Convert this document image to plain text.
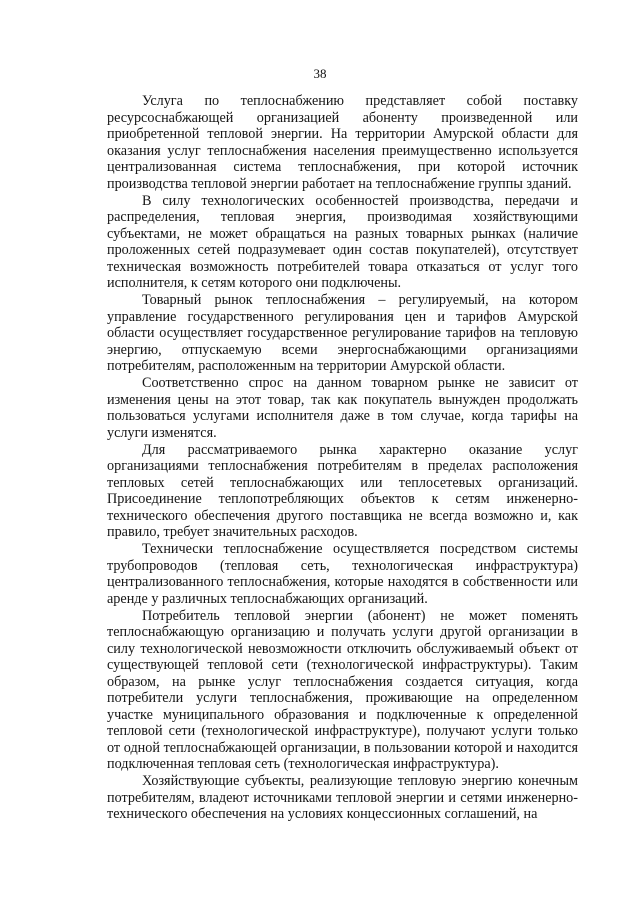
38

Услуга по теплоснабжению представляет собой поставку ресурсоснабжающей организацией абоненту произведенной или приобретенной тепловой энергии. На территории Амурской области для оказания услуг теплоснабжения населения преимущественно используется централизованная система теплоснабжения, при которой источник производства тепловой энергии работает на теплоснабжение группы зданий.

В силу технологических особенностей производства, передачи и распределения, тепловая энергия, производимая хозяйствующими субъектами, не может обращаться на разных товарных рынках (наличие проложенных сетей подразумевает один состав покупателей), отсутствует техническая возможность потребителей товара отказаться от услуг того исполнителя, к сетям которого они подключены.

Товарный рынок теплоснабжения – регулируемый, на котором управление государственного регулирования цен и тарифов Амурской области осуществляет государственное регулирование тарифов на тепловую энергию, отпускаемую всеми энергоснабжающими организациями потребителям, расположенным на территории Амурской области.

Соответственно спрос на данном товарном рынке не зависит от изменения цены на этот товар, так как покупатель вынужден продолжать пользоваться услугами исполнителя даже в том случае, когда тарифы на услуги изменятся.

Для рассматриваемого рынка характерно оказание услуг организациями теплоснабжения потребителям в пределах расположения тепловых сетей теплоснабжающих или теплосетевых организаций. Присоединение теплопотребляющих объектов к сетям инженерно-технического обеспечения другого поставщика не всегда возможно и, как правило, требует значительных расходов.

Технически теплоснабжение осуществляется посредством системы трубопроводов (тепловая сеть, технологическая инфраструктура) централизованного теплоснабжения, которые находятся в собственности или аренде у различных теплоснабжающих организаций.

Потребитель тепловой энергии (абонент) не может поменять теплоснабжающую организацию и получать услуги другой организации в силу технологической невозможности отключить обслуживаемый объект от существующей тепловой сети (технологической инфраструктуры). Таким образом, на рынке услуг теплоснабжения создается ситуация, когда потребители услуги теплоснабжения, проживающие на определенном участке муниципального образования и подключенные к определенной тепловой сети (технологической инфраструктуре), получают услуги только от одной теплоснабжающей организации, в пользовании которой и находится подключенная тепловая сеть (технологическая инфраструктура).

Хозяйствующие субъекты, реализующие тепловую энергию конечным потребителям, владеют источниками тепловой энергии и сетями инженерно-технического обеспечения на условиях концессионных соглашений, на
